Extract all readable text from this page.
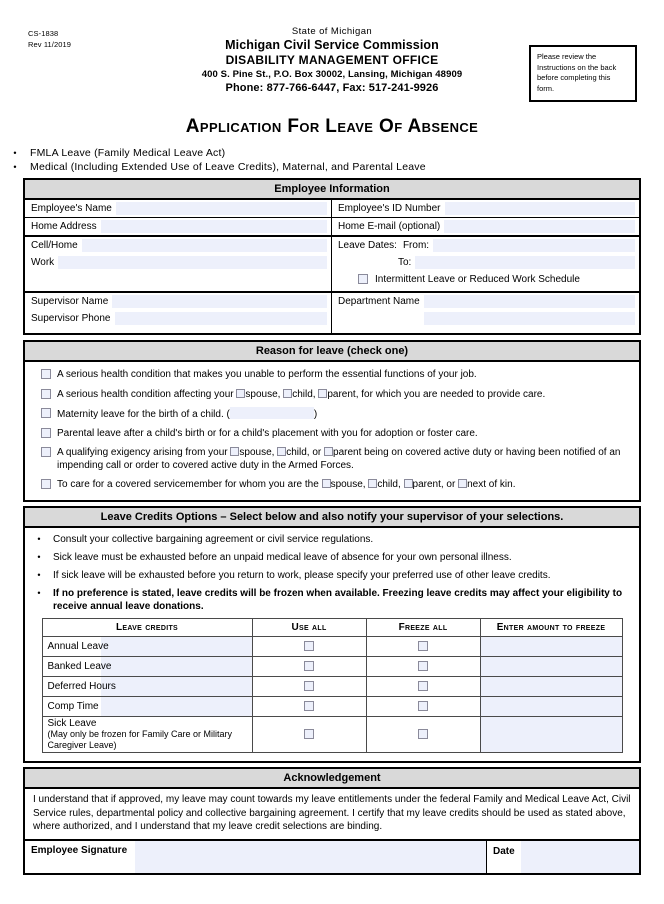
CS-1838
Rev 11/2019
State of Michigan
Michigan Civil Service Commission
DISABILITY MANAGEMENT OFFICE
400 S. Pine St., P.O. Box 30002, Lansing, Michigan 48909
Phone: 877-766-6447, Fax: 517-241-9926
Please review the Instructions on the back before completing this form.
Application For Leave Of Absence
•	FMLA Leave (Family Medical Leave Act)
•	Medical (Including Extended Use of Leave Credits), Maternal, and Parental Leave
Employee Information
Employee's Name	Employee's ID Number
Home Address	Home E-mail (optional)
Cell/Home
Work
Leave Dates: From:
To:
Intermittent Leave or Reduced Work Schedule
Supervisor Name
Supervisor Phone
Department Name
Reason for leave (check one)
A serious health condition that makes you unable to perform the essential functions of your job.
A serious health condition affecting your spouse, child, parent, for which you are needed to provide care.
Maternity leave for the birth of a child. (	)
Parental leave after a child's birth or for a child's placement with you for adoption or foster care.
A qualifying exigency arising from your spouse, child, or parent being on covered active duty or having been notified of an impending call or order to covered active duty in the Armed Forces.
To care for a covered servicemember for whom you are the spouse, child, parent, or next of kin.
Leave Credits Options – Select below and also notify your supervisor of your selections.
•	Consult your collective bargaining agreement or civil service regulations.
•	Sick leave must be exhausted before an unpaid medical leave of absence for your own personal illness.
•	If sick leave will be exhausted before you return to work, please specify your preferred use of other leave credits.
•	If no preference is stated, leave credits will be frozen when available. Freezing leave credits may affect your eligibility to receive annual leave donations.
Leave credits	Use all	Freeze all	Enter amount to freeze

Annual Leave			

Banked Leave			

Deferred Hours			

Comp Time			

Sick Leave
(May only be frozen for Family Care or Military Caregiver Leave)			

Acknowledgement
I understand that if approved, my leave may count towards my leave entitlements under the federal Family and Medical Leave Act, Civil Service rules, departmental policy and collective bargaining agreement. I certify that my leave credits should be used as stated above, where authorized, and I understand that my leave credit selections are binding.
Employee Signature	Date
